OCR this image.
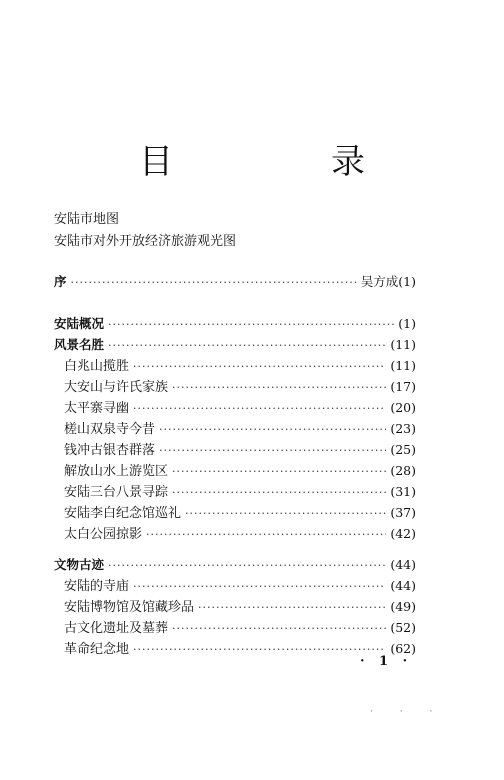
目　录
安陆市地图
安陆市对外开放经济旅游观光图
序 ·····	吴方成(1)
安陆概况 ·····	(1)
风景名胜 ·····	(11)
白兆山揽胜 ·····	(11)
大安山与许氏家族 ·····	(17)
太平寨寻幽 ·····	(20)
槎山双泉寺今昔 ·····	(23)
钱冲古银杏群落 ·····	(25)
解放山水上游览区 ·····	(28)
安陆三台八景寻踪 ·····	(31)
安陆李白纪念馆巡礼 ·····	(37)
太白公园掠影 ·····	(42)
文物古迹 ·····	(44)
安陆的寺庙 ·····	(44)
安陆博物馆及馆藏珍品 ·····	(49)
古文化遗址及墓葬 ·····	(52)
革命纪念地 ·····	(62)
· 1 ·
· · ·
